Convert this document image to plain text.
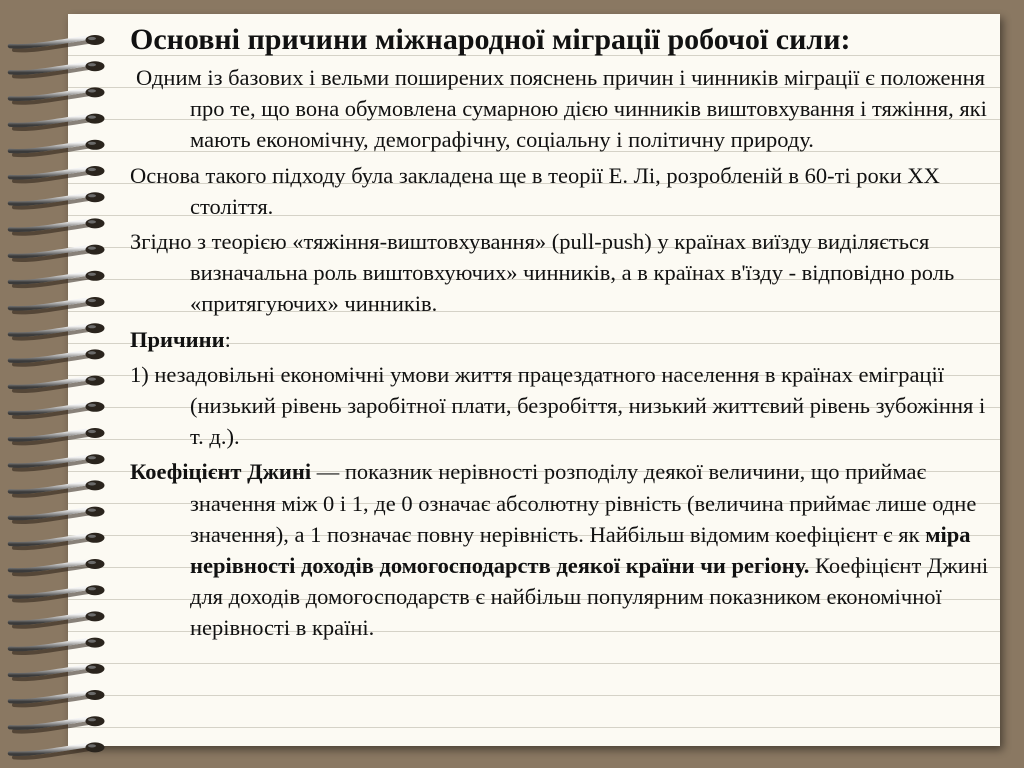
Основні причини міжнародної міграції робочої сили:

Одним із базових і вельми поширених пояснень причин і чинників міграції є положення про те, що вона обумовлена сумарною дією чинників виштовхування і тяжіння, які мають економічну, демографічну, соціальну і політичну природу.

Основа такого підходу була закладена ще в теорії Е. Лі, розробленій в 60-ті роки XX століття.

Згідно з теорією «тяжіння-виштовхування» (pull-push) у країнах виїзду виділяється визначальна роль виштовхуючих» чинників, а в країнах в'їзду - відповідно роль «притягуючих» чинників.

Причини:

1) незадовільні економічні умови життя працездатного населення в країнах еміграції (низький рівень заробітної плати, безробіття, низький життєвий рівень зубожіння і т. д.).

Коефіцієнт Джині — показник нерівності розподілу деякої величини, що приймає значення між 0 і 1, де 0 означає абсолютну рівність (величина приймає лише одне значення), а 1 позначає повну нерівність. Найбільш відомим коефіцієнт є як міра нерівності доходів домогосподарств деякої країни чи регіону. Коефіцієнт Джині для доходів домогосподарств є найбільш популярним показником економічної нерівності в країні.
